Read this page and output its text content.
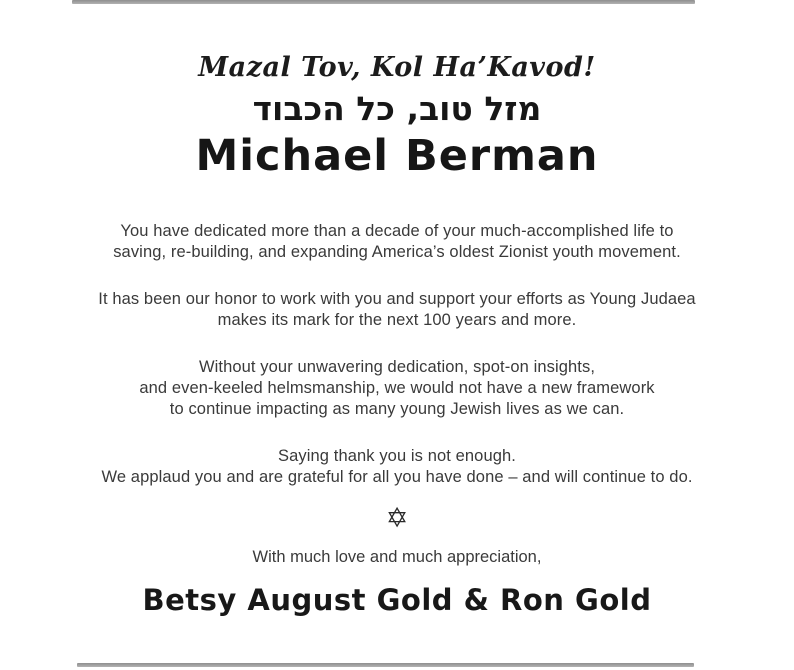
Mazal Tov, Kol Ha’Kavod!
מזל טוב, כל הכבוד
Michael Berman

You have dedicated more than a decade of your much-accomplished life to
saving, re-building, and expanding America’s oldest Zionist youth movement.

It has been our honor to work with you and support your efforts as Young Judaea
makes its mark for the next 100 years and more.

Without your unwavering dedication, spot-on insights,
and even-keeled helmsmanship, we would not have a new framework
to continue impacting as many young Jewish lives as we can.

Saying thank you is not enough.
We applaud you and are grateful for all you have done – and will continue to do.

✡

With much love and much appreciation,

Betsy August Gold & Ron Gold
